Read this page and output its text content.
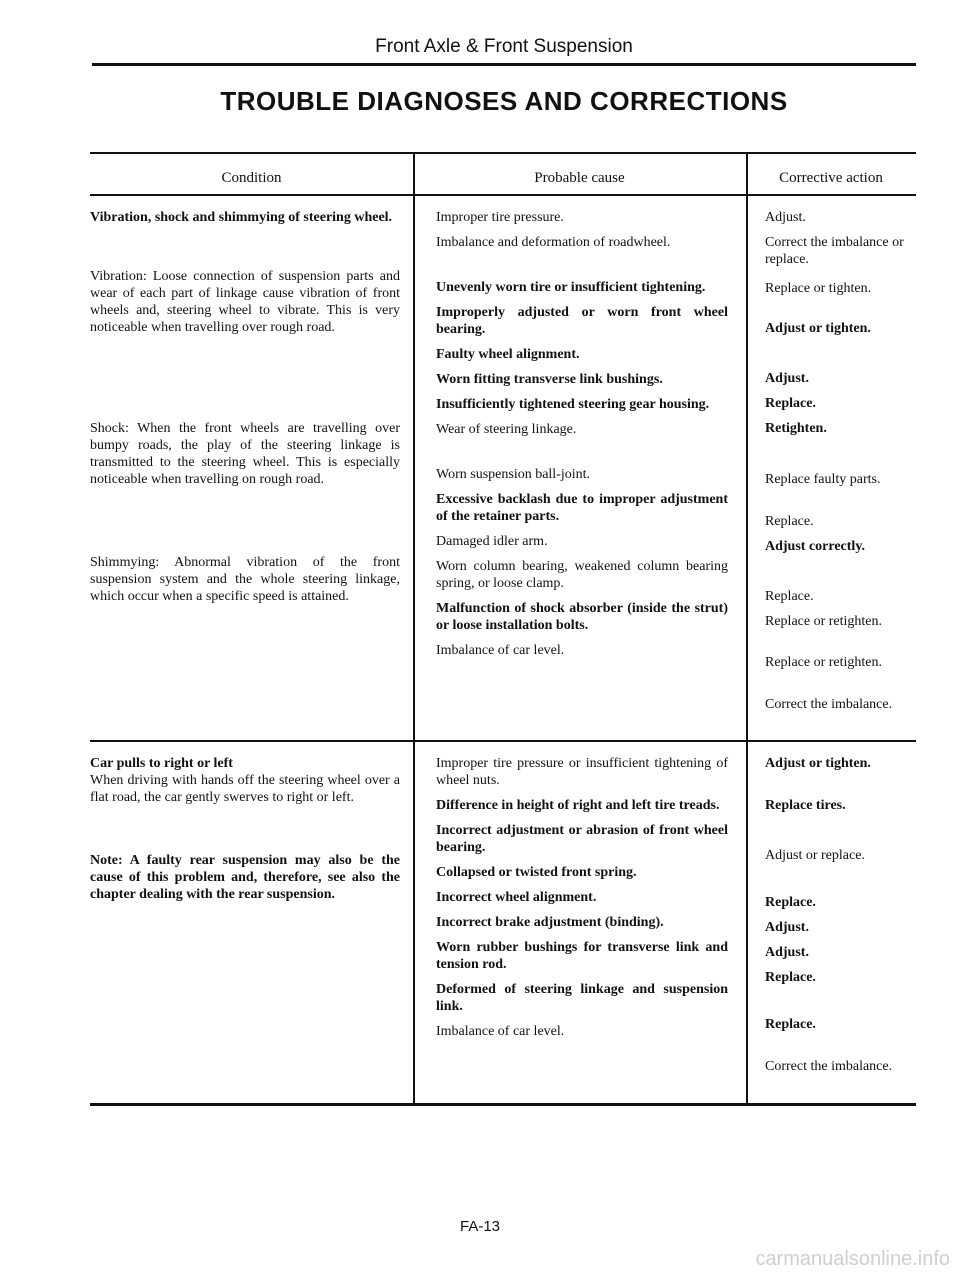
Front Axle & Front Suspension
TROUBLE DIAGNOSES AND CORRECTIONS
Condition	Probable cause	Corrective action
Vibration, shock and shimmying of steering wheel.
Vibration: Loose connection of suspension parts and wear of each part of linkage cause vibration of front wheels and, steering wheel to vibrate. This is very noticeable when travelling over rough road.
Shock: When the front wheels are travelling over bumpy roads, the play of the steering linkage is transmitted to the steering wheel. This is especially noticeable when travelling on rough road.
Shimmying: Abnormal vibration of the front suspension system and the whole steering linkage, which occur when a specific speed is attained.
Improper tire pressure.
Imbalance and deformation of roadwheel.
Unevenly worn tire or insufficient tightening.
Improperly adjusted or worn front wheel bearing.
Faulty wheel alignment.
Worn fitting transverse link bushings.
Insufficiently tightened steering gear housing.
Wear of steering linkage.
Worn suspension ball-joint.
Excessive backlash due to improper adjustment of the retainer parts.
Damaged idler arm.
Worn column bearing, weakened column bearing spring, or loose clamp.
Malfunction of shock absorber (inside the strut) or loose installation bolts.
Imbalance of car level.
Adjust.
Correct the imbalance or replace.
Replace or tighten.
Adjust or tighten.
Adjust.
Replace.
Retighten.
Replace faulty parts.
Replace.
Adjust correctly.
Replace.
Replace or retighten.
Replace or retighten.
Correct the imbalance.
Car pulls to right or left
When driving with hands off the steering wheel over a flat road, the car gently swerves to right or left.
Note: A faulty rear suspension may also be the cause of this problem and, therefore, see also the chapter dealing with the rear suspension.
Improper tire pressure or insufficient tightening of wheel nuts.
Difference in height of right and left tire treads.
Incorrect adjustment or abrasion of front wheel bearing.
Collapsed or twisted front spring.
Incorrect wheel alignment.
Incorrect brake adjustment (binding).
Worn rubber bushings for transverse link and tension rod.
Deformed of steering linkage and suspension link.
Imbalance of car level.
Adjust or tighten.
Replace tires.
Adjust or replace.
Replace.
Adjust.
Adjust.
Replace.
Replace.
Correct the imbalance.
FA-13
carmanualsonline.info
